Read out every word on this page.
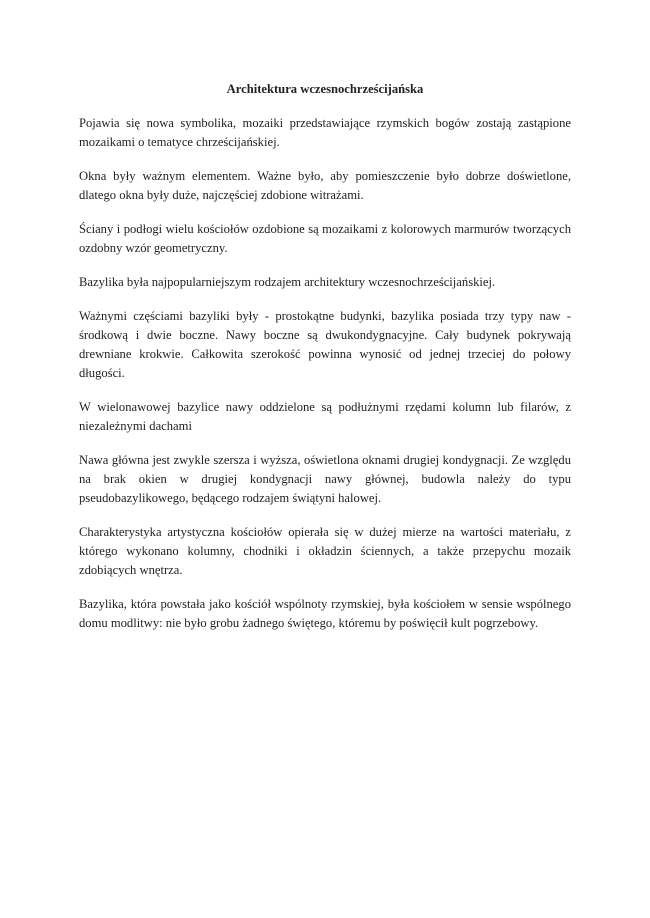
Architektura wczesnochrześcijańska

Pojawia się nowa symbolika, mozaiki przedstawiające rzymskich bogów zostają zastąpione mozaikami o tematyce chrześcijańskiej.

Okna były ważnym elementem. Ważne było, aby pomieszczenie było dobrze doświetlone, dlatego okna były duże, najczęściej zdobione witrażami.

Ściany i podłogi wielu kościołów ozdobione są mozaikami z kolorowych marmurów tworzących ozdobny wzór geometryczny.

Bazylika była najpopularniejszym rodzajem architektury wczesnochrześcijańskiej.

Ważnymi częściami bazyliki były - prostokątne budynki, bazylika posiada trzy typy naw - środkową i dwie boczne. Nawy boczne są dwukondygnacyjne. Cały budynek pokrywają drewniane krokwie. Całkowita szerokość powinna wynosić od jednej trzeciej do połowy długości.

W wielonawowej bazylice nawy oddzielone są podłużnymi rzędami kolumn lub filarów, z niezależnymi dachami

Nawa główna jest zwykle szersza i wyższa, oświetlona oknami drugiej kondygnacji. Ze względu na brak okien w drugiej kondygnacji nawy głównej, budowla należy do typu pseudobazylikowego, będącego rodzajem świątyni halowej.

Charakterystyka artystyczna kościołów opierała się w dużej mierze na wartości materiału, z którego wykonano kolumny, chodniki i okładzin ściennych, a także przepychu mozaik zdobiących wnętrza.

Bazylika, która powstała jako kościół wspólnoty rzymskiej, była kościołem w sensie wspólnego domu modlitwy: nie było grobu żadnego świętego, któremu by poświęcił kult pogrzebowy.
